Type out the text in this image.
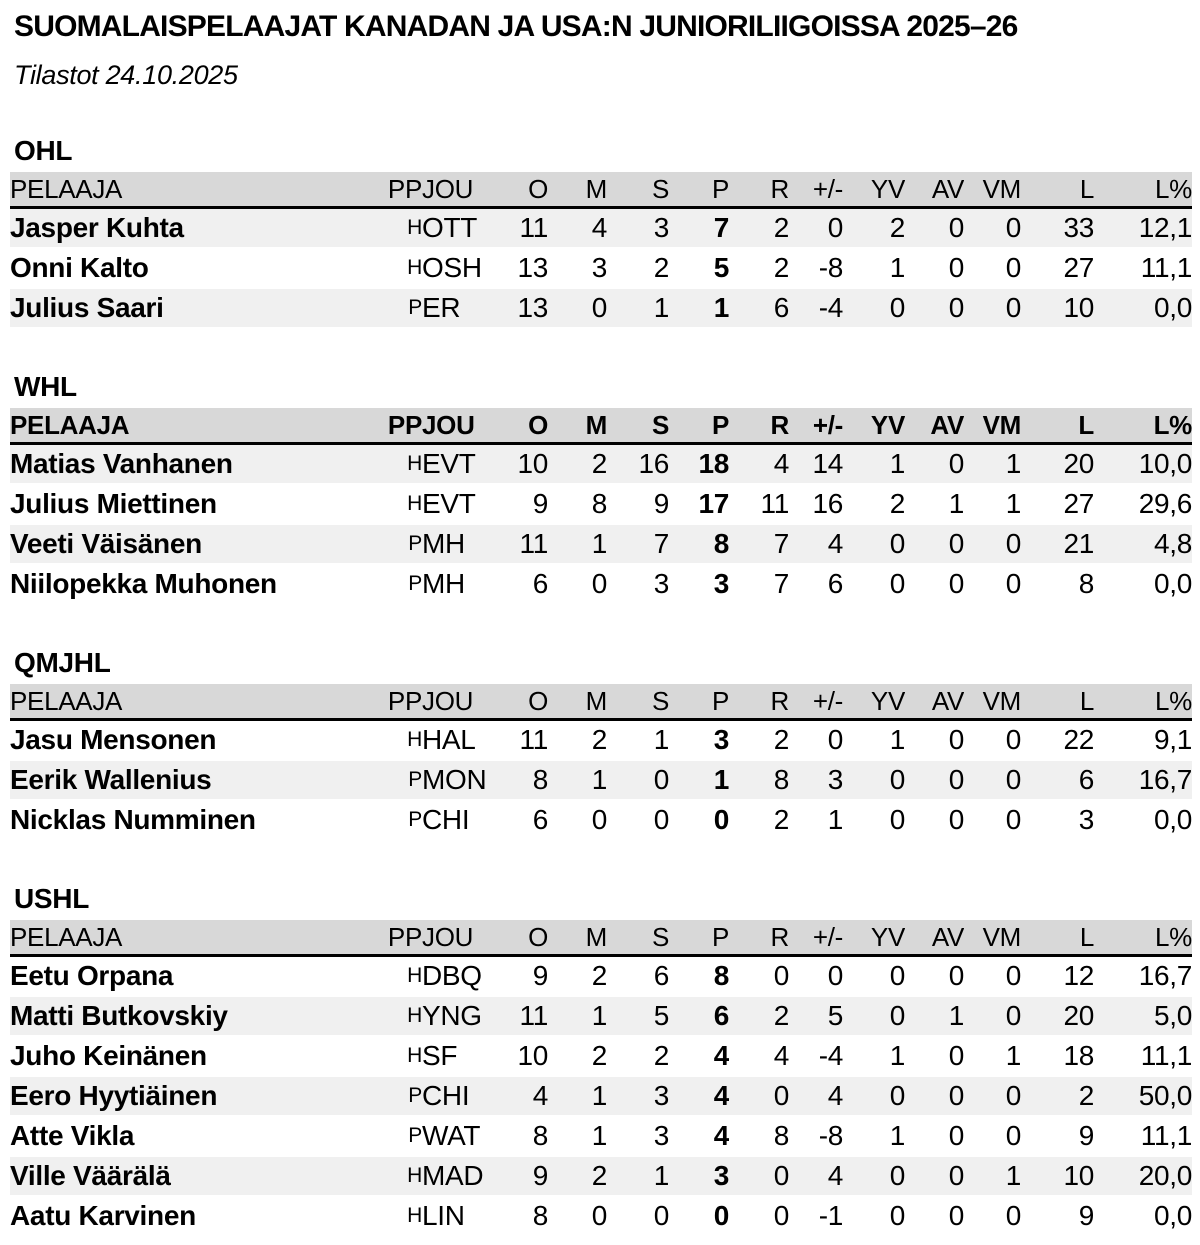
SUOMALAISPELAAJAT KANADAN JA USA:N JUNIORILIIGOISSA 2025–26
Tilastot 24.10.2025
OHL
PELAAJA	PP	JOU	O	M	S	P	R	+/-	YV	AV	VM	L	L%
Jasper Kuhta	H	OTT	11	4	3	7	2	0	2	0	0	33	12,1
Onni Kalto	H	OSH	13	3	2	5	2	-8	1	0	0	27	11,1
Julius Saari	P	ER	13	0	1	1	6	-4	0	0	0	10	0,0
WHL
PELAAJA	PP	JOU	O	M	S	P	R	+/-	YV	AV	VM	L	L%
Matias Vanhanen	H	EVT	10	2	16	18	4	14	1	0	1	20	10,0
Julius Miettinen	H	EVT	9	8	9	17	11	16	2	1	1	27	29,6
Veeti Väisänen	P	MH	11	1	7	8	7	4	0	0	0	21	4,8
Niilopekka Muhonen	P	MH	6	0	3	3	7	6	0	0	0	8	0,0
QMJHL
PELAAJA	PP	JOU	O	M	S	P	R	+/-	YV	AV	VM	L	L%
Jasu Mensonen	H	HAL	11	2	1	3	2	0	1	0	0	22	9,1
Eerik Wallenius	P	MON	8	1	0	1	8	3	0	0	0	6	16,7
Nicklas Numminen	P	CHI	6	0	0	0	2	1	0	0	0	3	0,0
USHL
PELAAJA	PP	JOU	O	M	S	P	R	+/-	YV	AV	VM	L	L%
Eetu Orpana	H	DBQ	9	2	6	8	0	0	0	0	0	12	16,7
Matti Butkovskiy	H	YNG	11	1	5	6	2	5	0	1	0	20	5,0
Juho Keinänen	H	SF	10	2	2	4	4	-4	1	0	1	18	11,1
Eero Hyytiäinen	P	CHI	4	1	3	4	0	4	0	0	0	2	50,0
Atte Vikla	P	WAT	8	1	3	4	8	-8	1	0	0	9	11,1
Ville Väärälä	H	MAD	9	2	1	3	0	4	0	0	1	10	20,0
Aatu Karvinen	H	LIN	8	0	0	0	0	-1	0	0	0	9	0,0
